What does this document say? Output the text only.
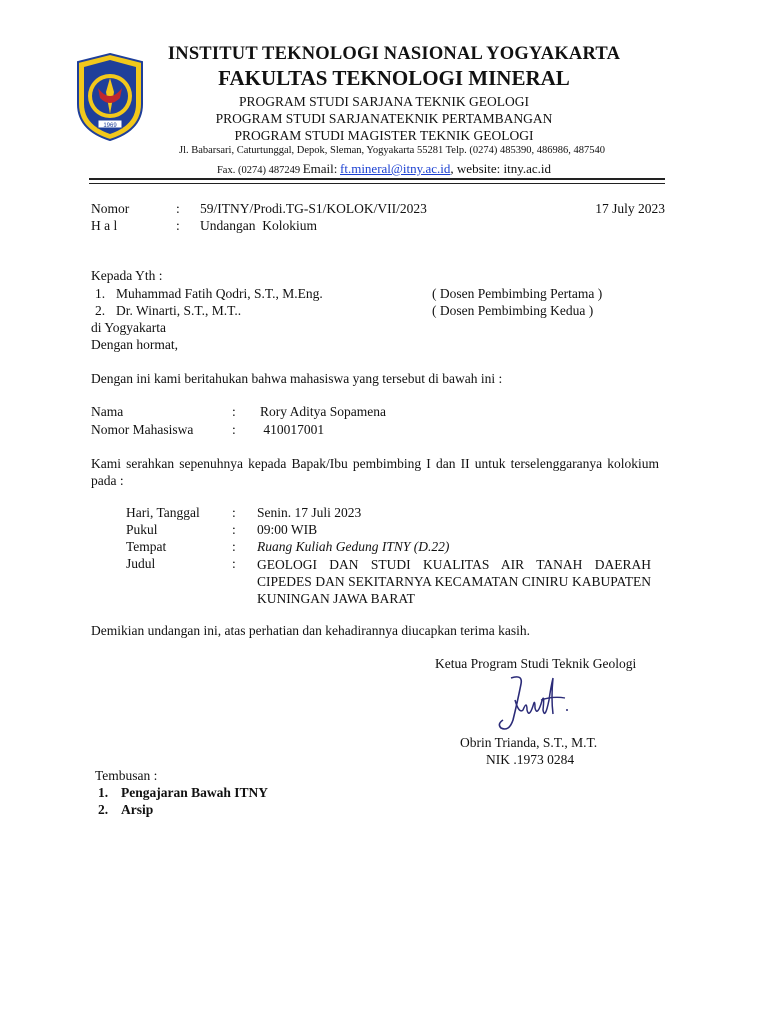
1969
INSTITUT TEKNOLOGI NASIONAL YOGYAKARTA
FAKULTAS TEKNOLOGI MINERAL
PROGRAM STUDI SARJANA TEKNIK GEOLOGI
PROGRAM STUDI SARJANATEKNIK PERTAMBANGAN
PROGRAM STUDI MAGISTER TEKNIK GEOLOGI
Jl. Babarsari, Caturtunggal, Depok, Sleman, Yogyakarta 55281 Telp. (0274) 485390, 486986, 487540
Fax. (0274) 487249 Email: ft.mineral@itny.ac.id, website: itny.ac.id
Nomor	: 59/ITNY/Prodi.TG-S1/KOLOK/VII/2023	17 July 2023
H a l	: Undangan  Kolokium
Kepada Yth :
1. Muhammad Fatih Qodri, S.T., M.Eng.	( Dosen Pembimbing Pertama )
2. Dr. Winarti, S.T., M.T..	( Dosen Pembimbing Kedua )
di Yogyakarta
Dengan hormat,
Dengan ini kami beritahukan bahwa mahasiswa yang tersebut di bawah ini :
Nama	: Rory Aditya Sopamena
Nomor Mahasiswa	: 410017001
Kami serahkan sepenuhnya kepada Bapak/Ibu pembimbing I dan II untuk terselenggaranya kolokium pada :
Hari, Tanggal : Senin. 17 Juli 2023
Pukul	: 09:00 WIB
Tempat	: Ruang Kuliah Gedung ITNY (D.22)
Judul	: GEOLOGI DAN STUDI KUALITAS AIR TANAH DAERAH CIPEDES DAN SEKITARNYA KECAMATAN CINIRU KABUPATEN KUNINGAN JAWA BARAT
Demikian undangan ini, atas perhatian dan kehadirannya diucapkan terima kasih.
Ketua Program Studi Teknik Geologi
Obrin Trianda, S.T., M.T.
NIK .1973 0284
Tembusan :
1. Pengajaran Bawah ITNY
2. Arsip
